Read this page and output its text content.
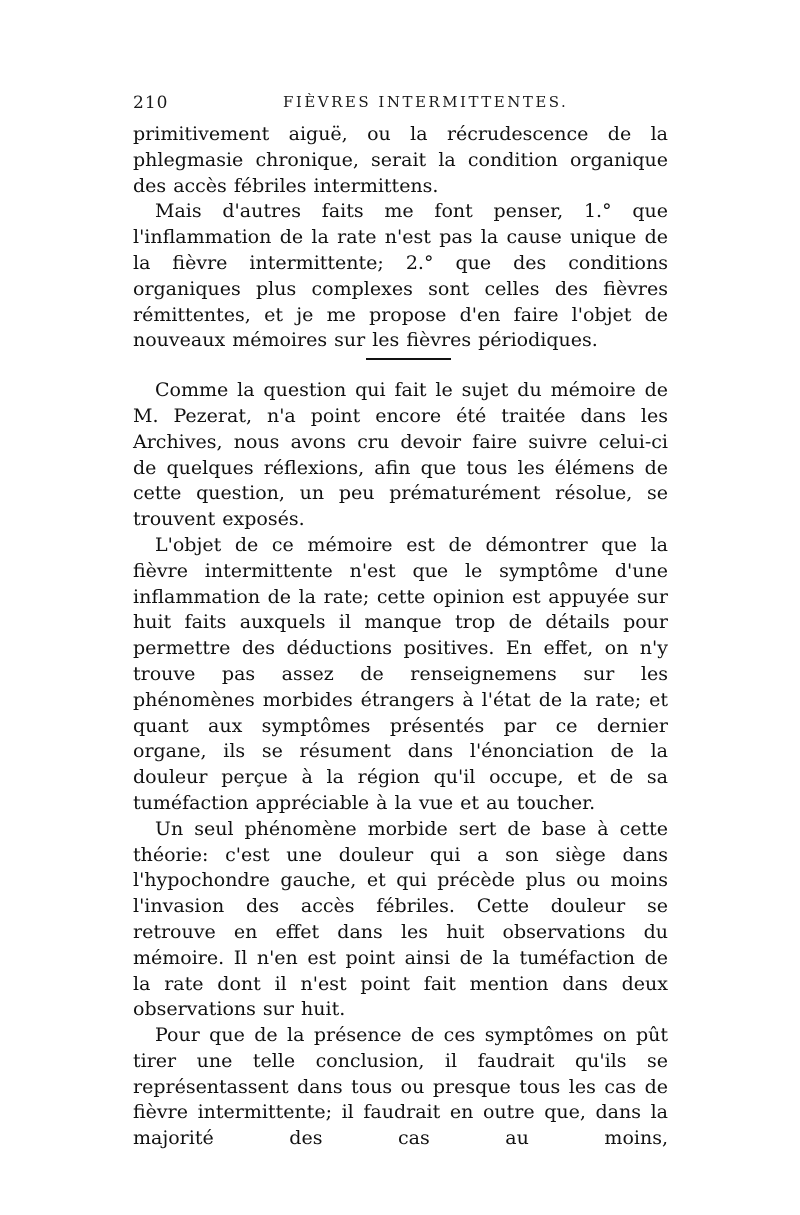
210	FIÈVRES INTERMITTENTES.

primitivement aiguë, ou la récrudescence de la phlegmasie chronique, serait la condition organique des accès fébriles intermittens.

Mais d'autres faits me font penser, 1.° que l'inflammation de la rate n'est pas la cause unique de la fièvre intermittente; 2.° que des conditions organiques plus complexes sont celles des fièvres rémittentes, et je me propose d'en faire l'objet de nouveaux mémoires sur les fièvres périodiques.

Comme la question qui fait le sujet du mémoire de M. Pezerat, n'a point encore été traitée dans les Archives, nous avons cru devoir faire suivre celui-ci de quelques réflexions, afin que tous les élémens de cette question, un peu prématurément résolue, se trouvent exposés.

L'objet de ce mémoire est de démontrer que la fièvre intermittente n'est que le symptôme d'une inflammation de la rate; cette opinion est appuyée sur huit faits auxquels il manque trop de détails pour permettre des déductions positives. En effet, on n'y trouve pas assez de renseignemens sur les phénomènes morbides étrangers à l'état de la rate; et quant aux symptômes présentés par ce dernier organe, ils se résument dans l'énonciation de la douleur perçue à la région qu'il occupe, et de sa tuméfaction appréciable à la vue et au toucher.

Un seul phénomène morbide sert de base à cette théorie: c'est une douleur qui a son siège dans l'hypochondre gauche, et qui précède plus ou moins l'invasion des accès fébriles. Cette douleur se retrouve en effet dans les huit observations du mémoire. Il n'en est point ainsi de la tuméfaction de la rate dont il n'est point fait mention dans deux observations sur huit.

Pour que de la présence de ces symptômes on pût tirer une telle conclusion, il faudrait qu'ils se représentassent dans tous ou presque tous les cas de fièvre intermittente; il faudrait en outre que, dans la majorité des cas au moins,
